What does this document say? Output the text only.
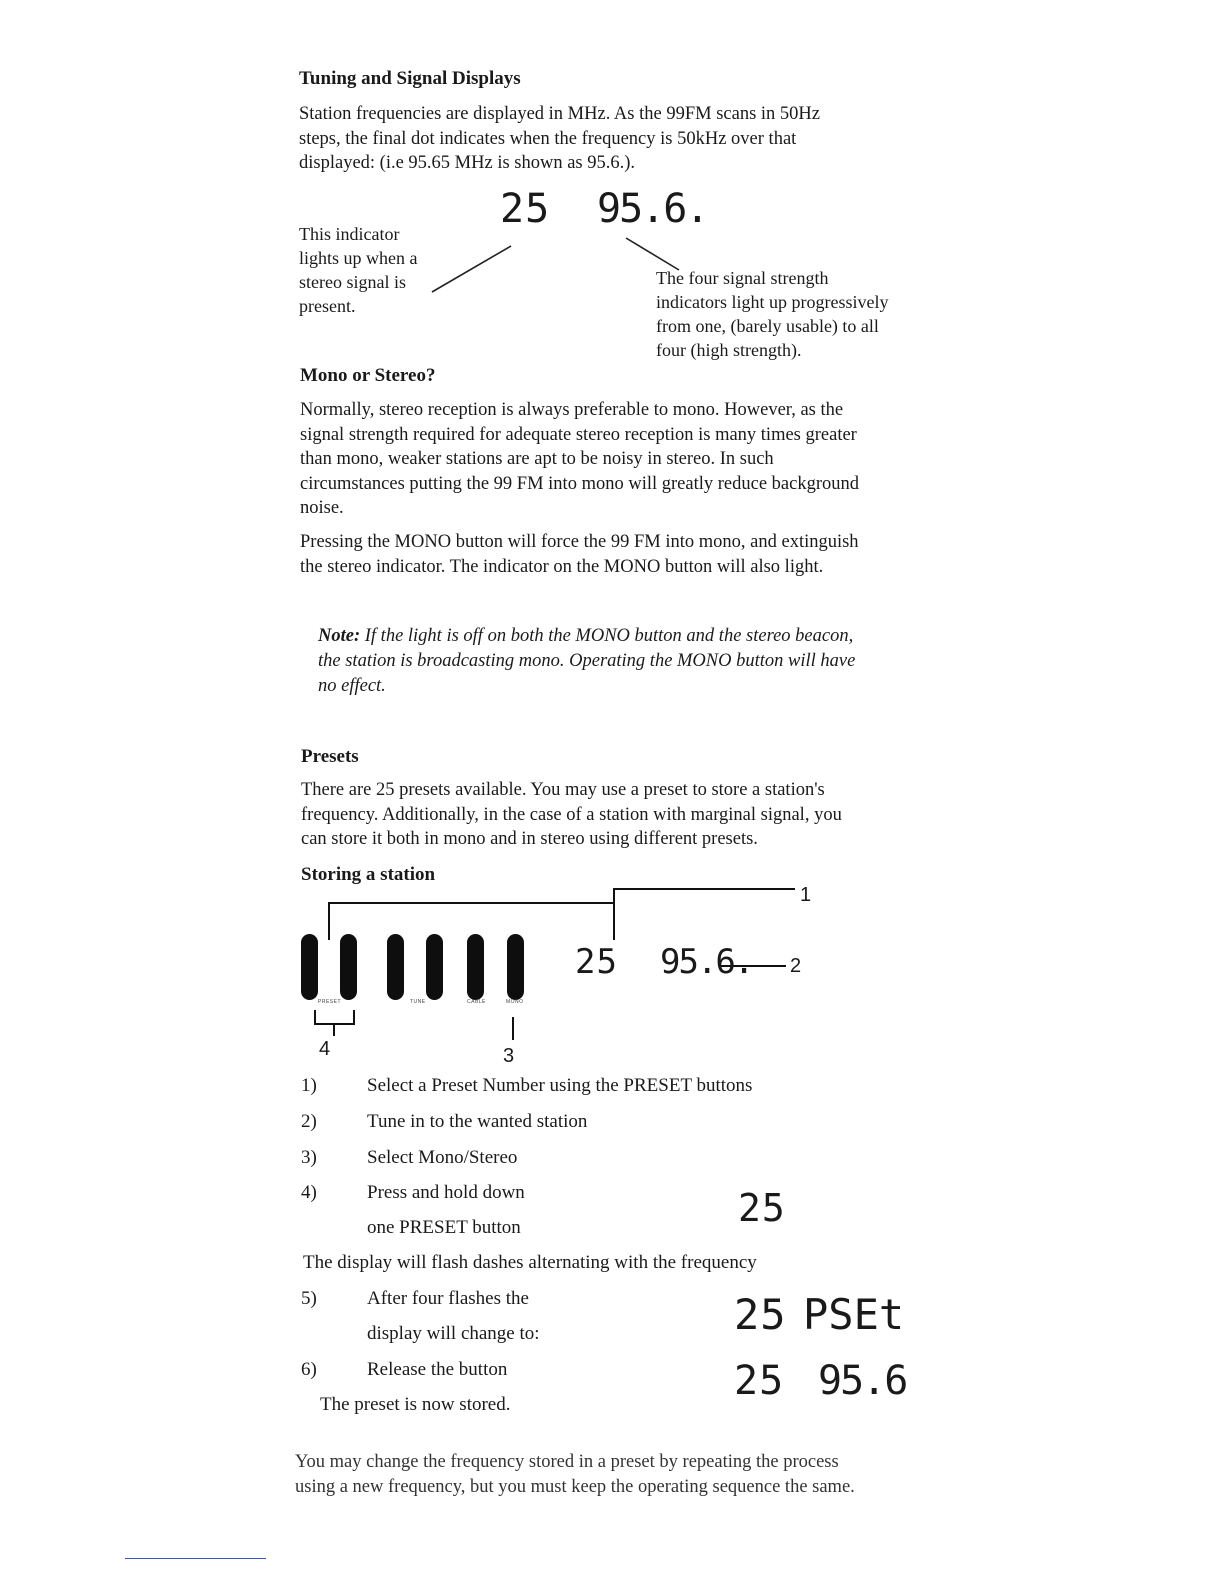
Tuning and Signal Displays
Station frequencies are displayed in MHz. As the 99FM scans in 50Hz
steps, the final dot indicates when the frequency is 50kHz over that
displayed: (i.e 95.65 MHz is shown as 95.6.).
25 95.6.
This indicator
lights up when a
stereo signal is
present.
The four signal strength
indicators light up progressively
from one, (barely usable) to all
four (high strength).
Mono or Stereo?
Normally, stereo reception is always preferable to mono. However, as the
signal strength required for adequate stereo reception is many times greater
than mono, weaker stations are apt to be noisy in stereo. In such
circumstances putting the 99 FM into mono will greatly reduce background
noise.
Pressing the MONO button will force the 99 FM into mono, and extinguish
the stereo indicator. The indicator on the MONO button will also light.
Note: If the light is off on both the MONO button and the stereo beacon,
the station is broadcasting mono. Operating the MONO button will have
no effect.
Presets
There are 25 presets available. You may use a preset to store a station's
frequency. Additionally, in the case of a station with marginal signal, you
can store it both in mono and in stereo using different presets.
Storing a station
PRESET	TUNE	CABLE	MONO
25 95.6.
1
2
3
4
1)	Select a Preset Number using the PRESET buttons
2)	Tune in to the wanted station
3)	Select Mono/Stereo
4)	Press and hold down
one PRESET button	25
The display will flash dashes alternating with the frequency
5)	After four flashes the
display will change to:	25 PSEt
6)	Release the button	25 95.6
The preset is now stored.
You may change the frequency stored in a preset by repeating the process
using a new frequency, but you must keep the operating sequence the same.
